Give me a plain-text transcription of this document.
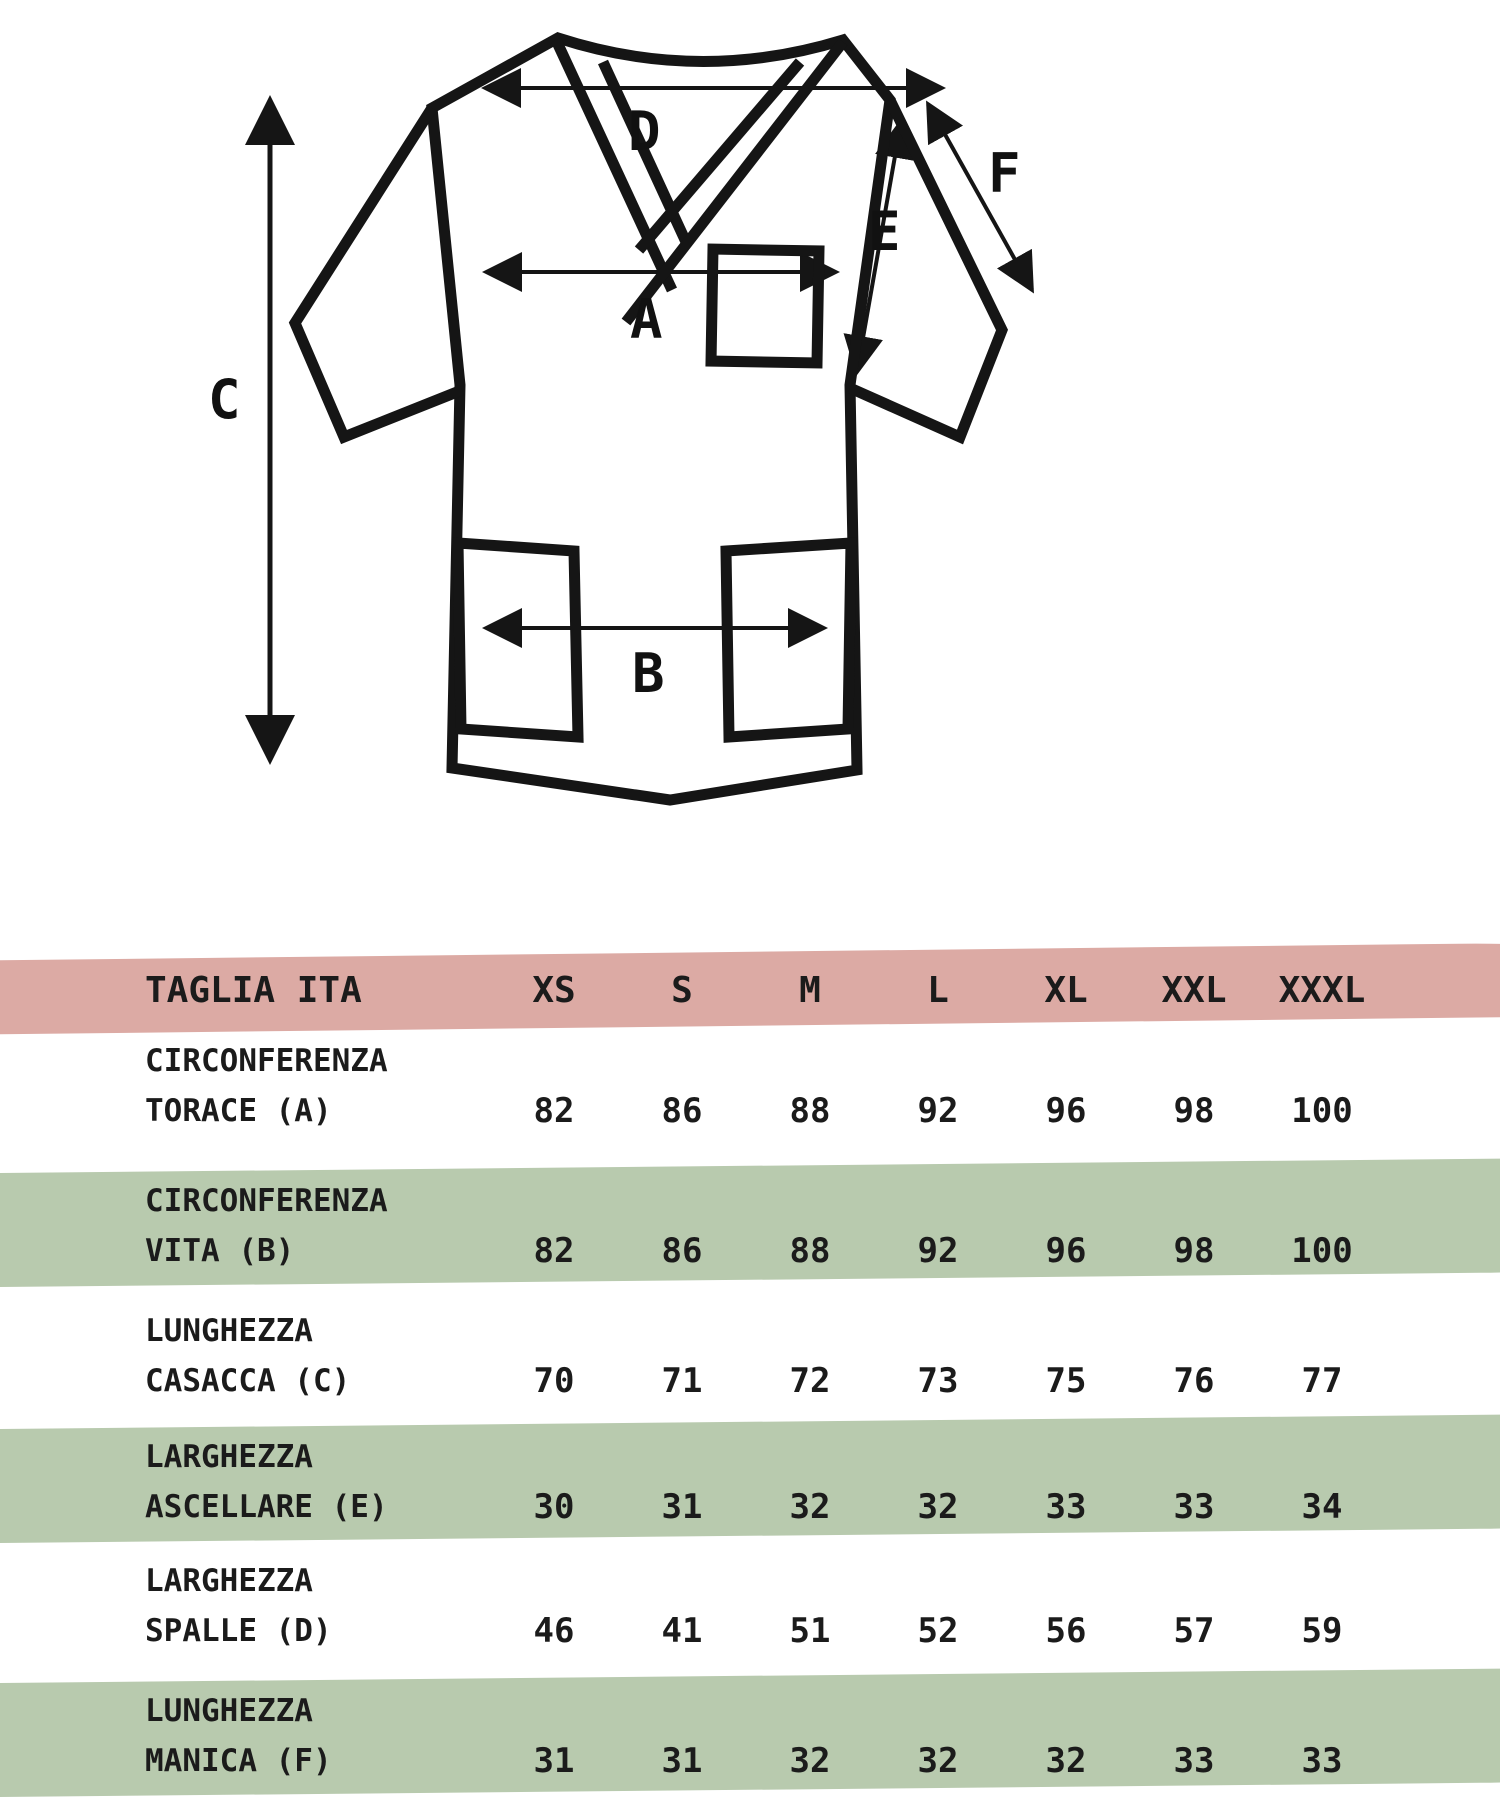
C
D
A
B
E
F
TAGLIA ITA	XS	S	M	L	XL	XXL	XXXL
CIRCONFERENZA
TORACE (A)	82	86	88	92	96	98	100
CIRCONFERENZA
VITA (B)	82	86	88	92	96	98	100
LUNGHEZZA
CASACCA (C)	70	71	72	73	75	76	77
LARGHEZZA
ASCELLARE (E)	30	31	32	32	33	33	34
LARGHEZZA
SPALLE (D)	46	41	51	52	56	57	59
LUNGHEZZA
MANICA (F)	31	31	32	32	32	33	33
